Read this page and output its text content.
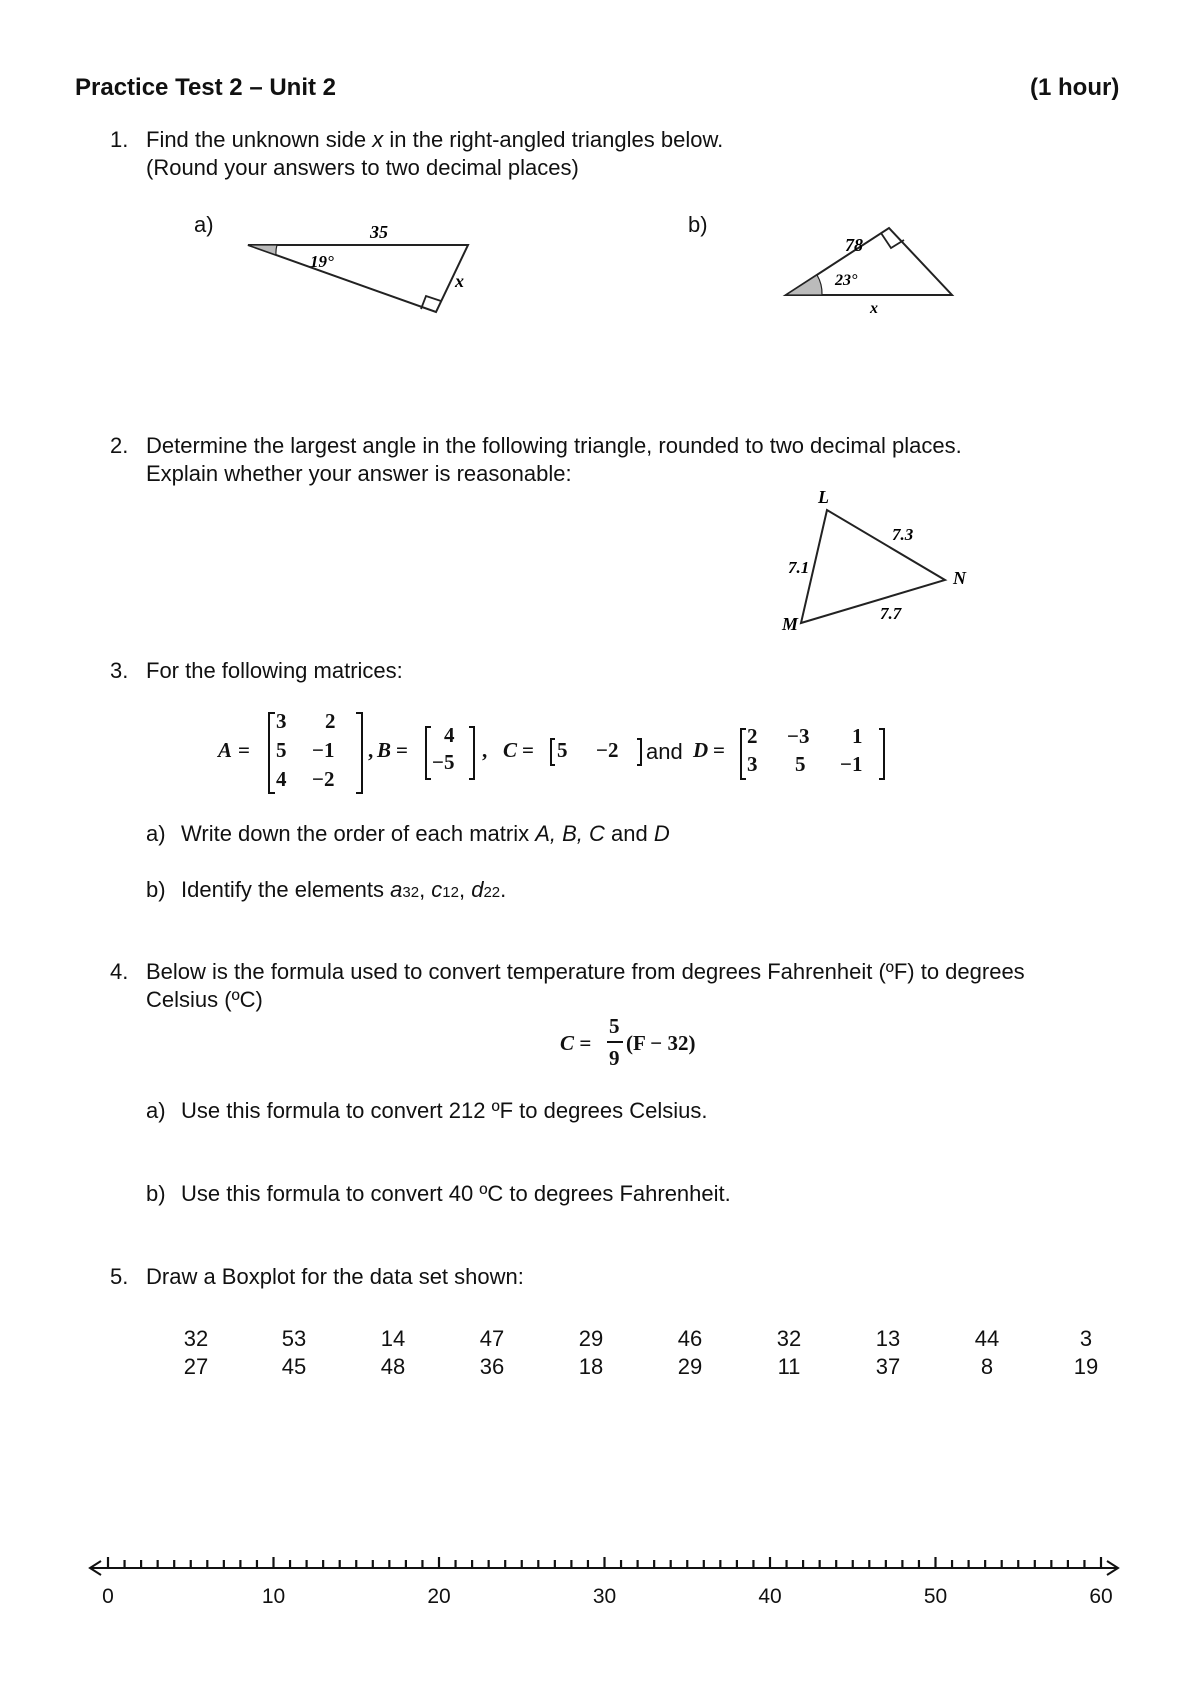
Practice Test 2 – Unit 2	(1 hour)
1. Find the unknown side x in the right-angled triangles below.
(Round your answers to two decimal places)
a)	35
19°
x
b)
78
23°
x
2. Determine the largest angle in the following triangle, rounded to two decimal places.
Explain whether your answer is reasonable:
L
M
N
7.3
7.1
7.7
3. For the following matrices:
A =
3 2
5 −1
4 −2
, B =
4
−5 , C = 5 −2 and D =
2 −3 1
3 5 −1
a) Write down the order of each matrix A, B, C and D
b) Identify the elements a32, c12, d22.
4. Below is the formula used to convert temperature from degrees Fahrenheit (ºF) to degrees
Celsius (ºC)
C =
5
9
(F − 32)
a) Use this formula to convert 212 ºF to degrees Celsius.
b) Use this formula to convert 40 ºC to degrees Fahrenheit.
5. Draw a Boxplot for the data set shown:
32	53	14	47	29	46	32	13	44	3
27	45	48	36	18	29	11	37	8	19
0	10	20	30	40	50	60
